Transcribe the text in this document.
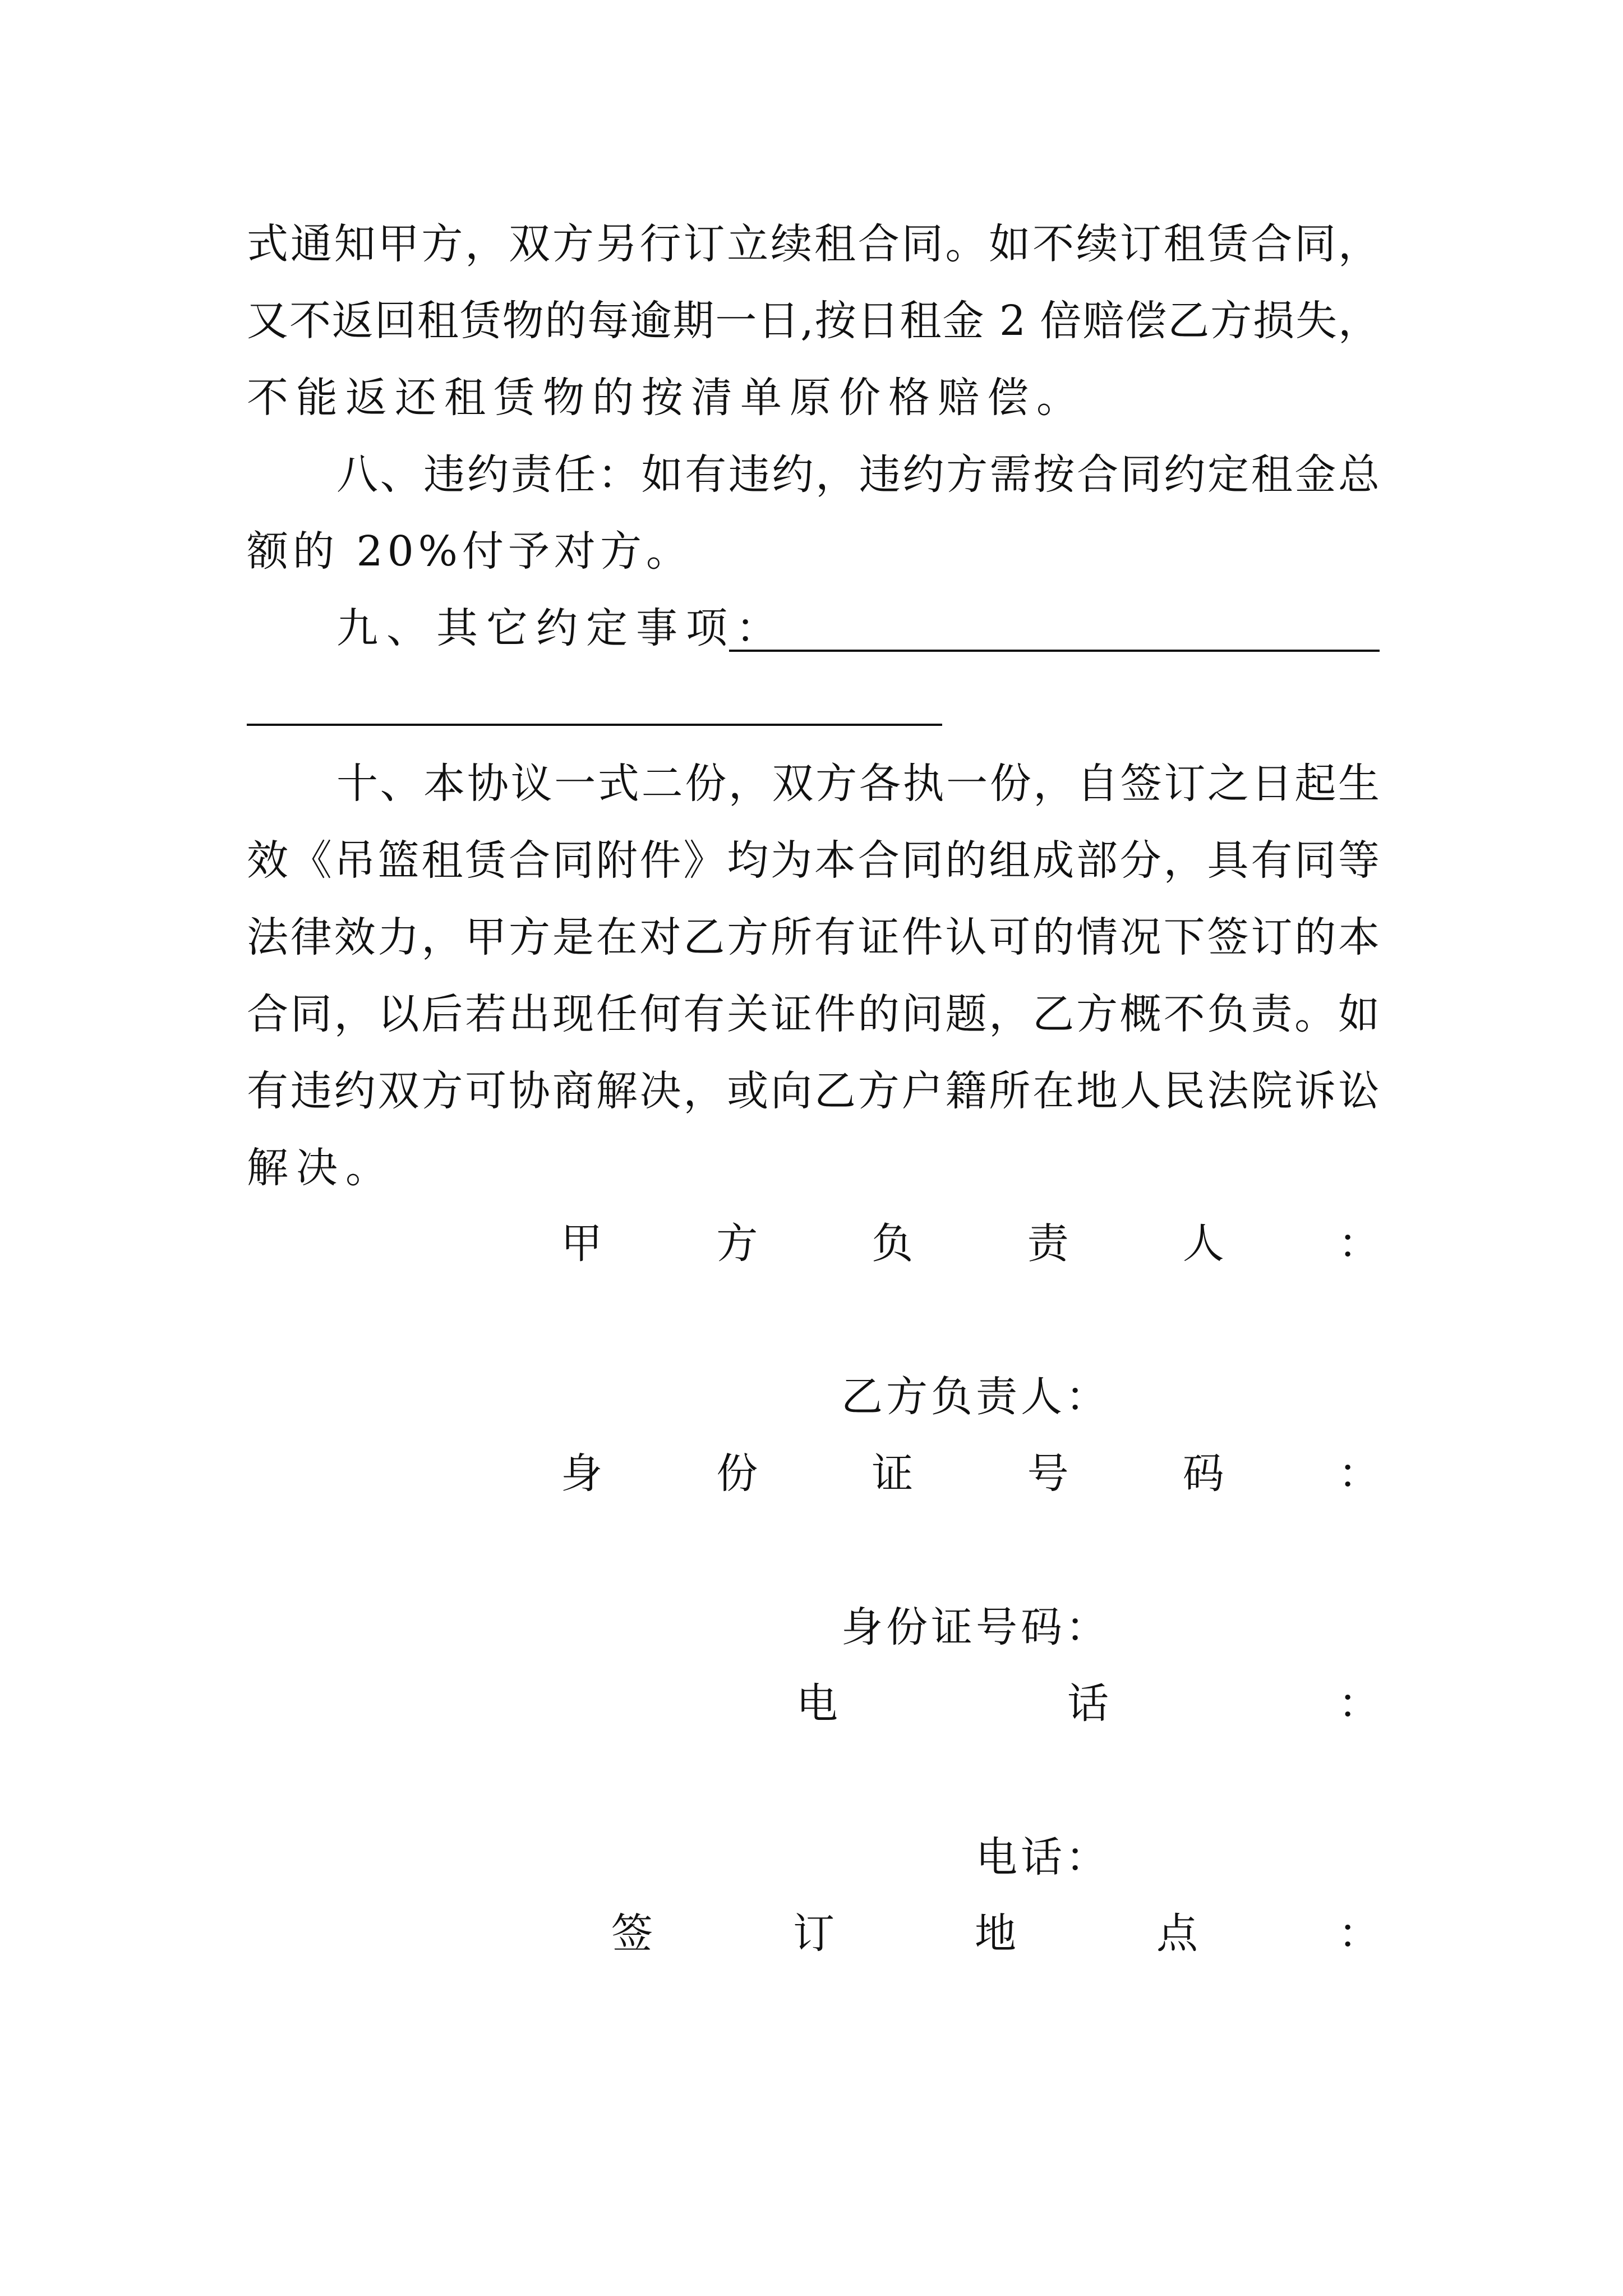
式通知甲方，双方另行订立续租合同。如不续订租赁合同，
又不返回租赁物的每逾期一日,按日租金 2 倍赔偿乙方损失，
不能返还租赁物的按清单原价格赔偿。
八、违约责任：如有违约，违约方需按合同约定租金总
额的 20%付予对方。
九、其它约定事项：
十、本协议一式二份，双方各执一份，自签订之日起生
效《吊篮租赁合同附件》均为本合同的组成部分，具有同等
法律效力，甲方是在对乙方所有证件认可的情况下签订的本
合同，以后若出现任何有关证件的问题，乙方概不负责。如
有违约双方可协商解决，或向乙方户籍所在地人民法院诉讼
解决。
甲方负责人：
乙方负责人：
身份证号码：
身份证号码：
电话：
电话：
签订地点：
